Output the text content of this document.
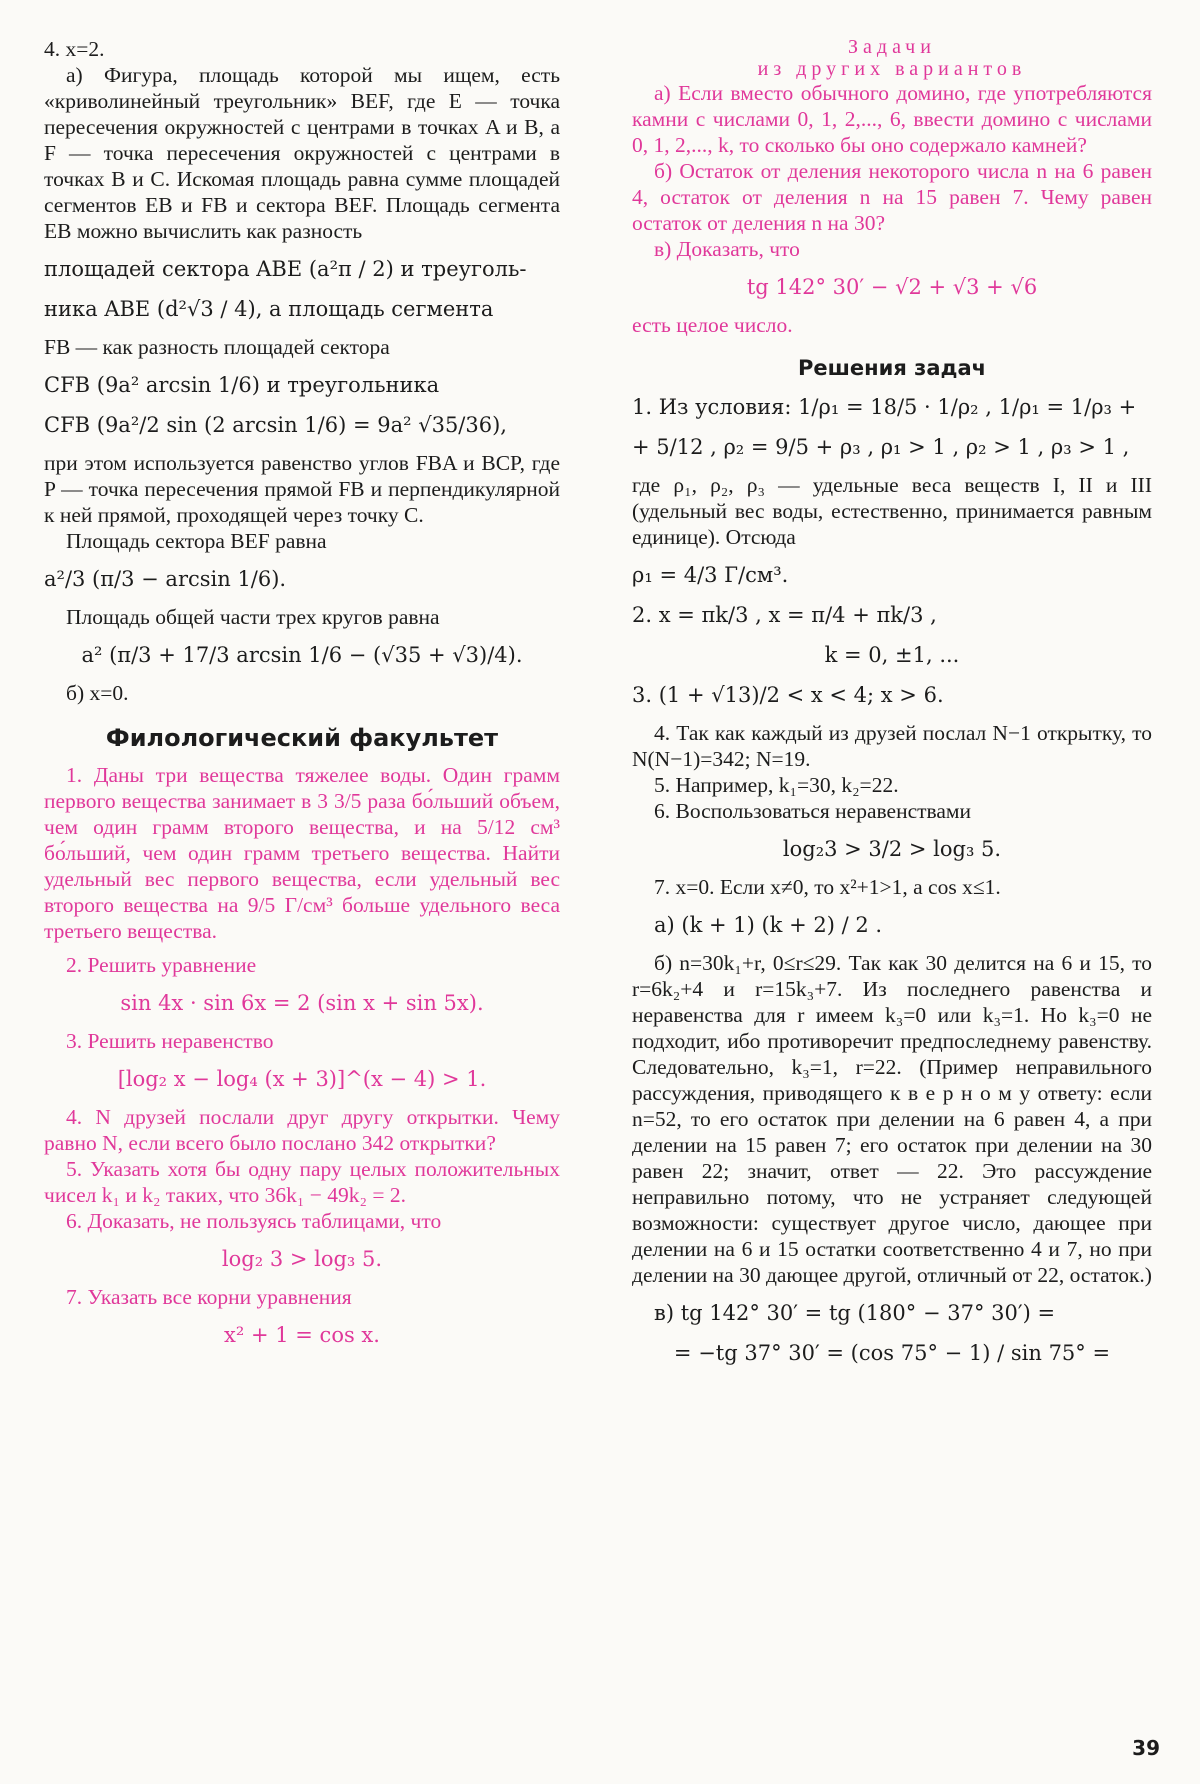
4. x=2.

а) Фигура, площадь которой мы ищем, есть «криволинейный треугольник» BEF, где E — точка пересечения окружностей с центрами в точках A и B, а F — точка пересечения окружностей с центрами в точках B и C. Искомая площадь равна сумме площадей сегментов EB и FB и сектора BEF. Площадь сегмента EB можно вычислить как разность

площадей сектора ABE (a²π / 2) и треуголь-

ника ABE (d²√3 / 4), а площадь сегмента

FB — как разность площадей сектора

CFB (9a² arcsin 1/6) и треугольника

CFB (9a²/2 sin (2 arcsin 1/6) = 9a² √35/36),

при этом используется равенство углов FBA и BCP, где P — точка пересечения прямой FB и перпендикулярной к ней прямой, проходящей через точку C.

Площадь сектора BEF равна

a²/3 (π/3 − arcsin 1/6).

Площадь общей части трех кругов равна

a² (π/3 + 17/3 arcsin 1/6 − (√35 + √3)/4).

б) x=0.

Филологический факультет

1. Даны три вещества тяжелее воды. Один грамм первого вещества занимает в 3 3/5 раза бо́льший объем, чем один грамм второго вещества, и на 5/12 см³ бо́льший, чем один грамм третьего вещества. Найти удельный вес первого вещества, если удельный вес второго вещества на 9/5 Г/см³ больше удельного веса третьего вещества.

2. Решить уравнение

sin 4x · sin 6x = 2 (sin x + sin 5x).

3. Решить неравенство

[log₂ x − log₄ (x + 3)]^(x − 4) > 1.

4. N друзей послали друг другу открытки. Чему равно N, если всего было послано 342 открытки?

5. Указать хотя бы одну пару целых положительных чисел k₁ и k₂ таких, что 36k₁ − 49k₂ = 2.

6. Доказать, не пользуясь таблицами, что

log₂ 3 > log₃ 5.

7. Указать все корни уравнения

x² + 1 = cos x.

Задачи
из других вариантов

а) Если вместо обычного домино, где употребляются камни с числами 0, 1, 2,..., 6, ввести домино с числами 0, 1, 2,..., k, то сколько бы оно содержало камней?

б) Остаток от деления некоторого числа n на 6 равен 4, остаток от деления n на 15 равен 7. Чему равен остаток от деления n на 30?

в) Доказать, что

tg 142° 30′ − √2 + √3 + √6

есть целое число.

Решения задач

1. Из условия: 1/ρ₁ = 18/5 · 1/ρ₂ , 1/ρ₁ = 1/ρ₃ +

+ 5/12 , ρ₂ = 9/5 + ρ₃ , ρ₁ > 1 , ρ₂ > 1 , ρ₃ > 1 ,

где ρ₁, ρ₂, ρ₃ — удельные веса веществ I, II и III (удельный вес воды, естественно, принимается равным единице). Отсюда

ρ₁ = 4/3 Г/см³.

2. x = πk/3 , x = π/4 + πk/3 ,

k = 0, ±1, ...

3. (1 + √13)/2 < x < 4; x > 6.

4. Так как каждый из друзей послал N−1 открытку, то N(N−1)=342; N=19.

5. Например, k₁=30, k₂=22.

6. Воспользоваться неравенствами

log₂3 > 3/2 > log₃ 5.

7. x=0. Если x≠0, то x²+1>1, а cos x≤1.

а) (k + 1) (k + 2) / 2 .

б) n=30k₁+r, 0≤r≤29. Так как 30 делится на 6 и 15, то r=6k₂+4 и r=15k₃+7. Из последнего равенства и неравенства для r имеем k₃=0 или k₃=1. Но k₃=0 не подходит, ибо противоречит предпоследнему равенству. Следовательно, k₃=1, r=22. (Пример неправильного рассуждения, приводящего к в е р н о м у ответу: если n=52, то его остаток при делении на 6 равен 4, а при делении на 15 равен 7; его остаток при делении на 30 равен 22; значит, ответ — 22. Это рассуждение неправильно потому, что не устраняет следующей возможности: существует другое число, дающее при делении на 6 и 15 остатки соответственно 4 и 7, но при делении на 30 дающее другой, отличный от 22, остаток.)

в) tg 142° 30′ = tg (180° − 37° 30′) =

= −tg 37° 30′ = (cos 75° − 1) / sin 75° =

39
